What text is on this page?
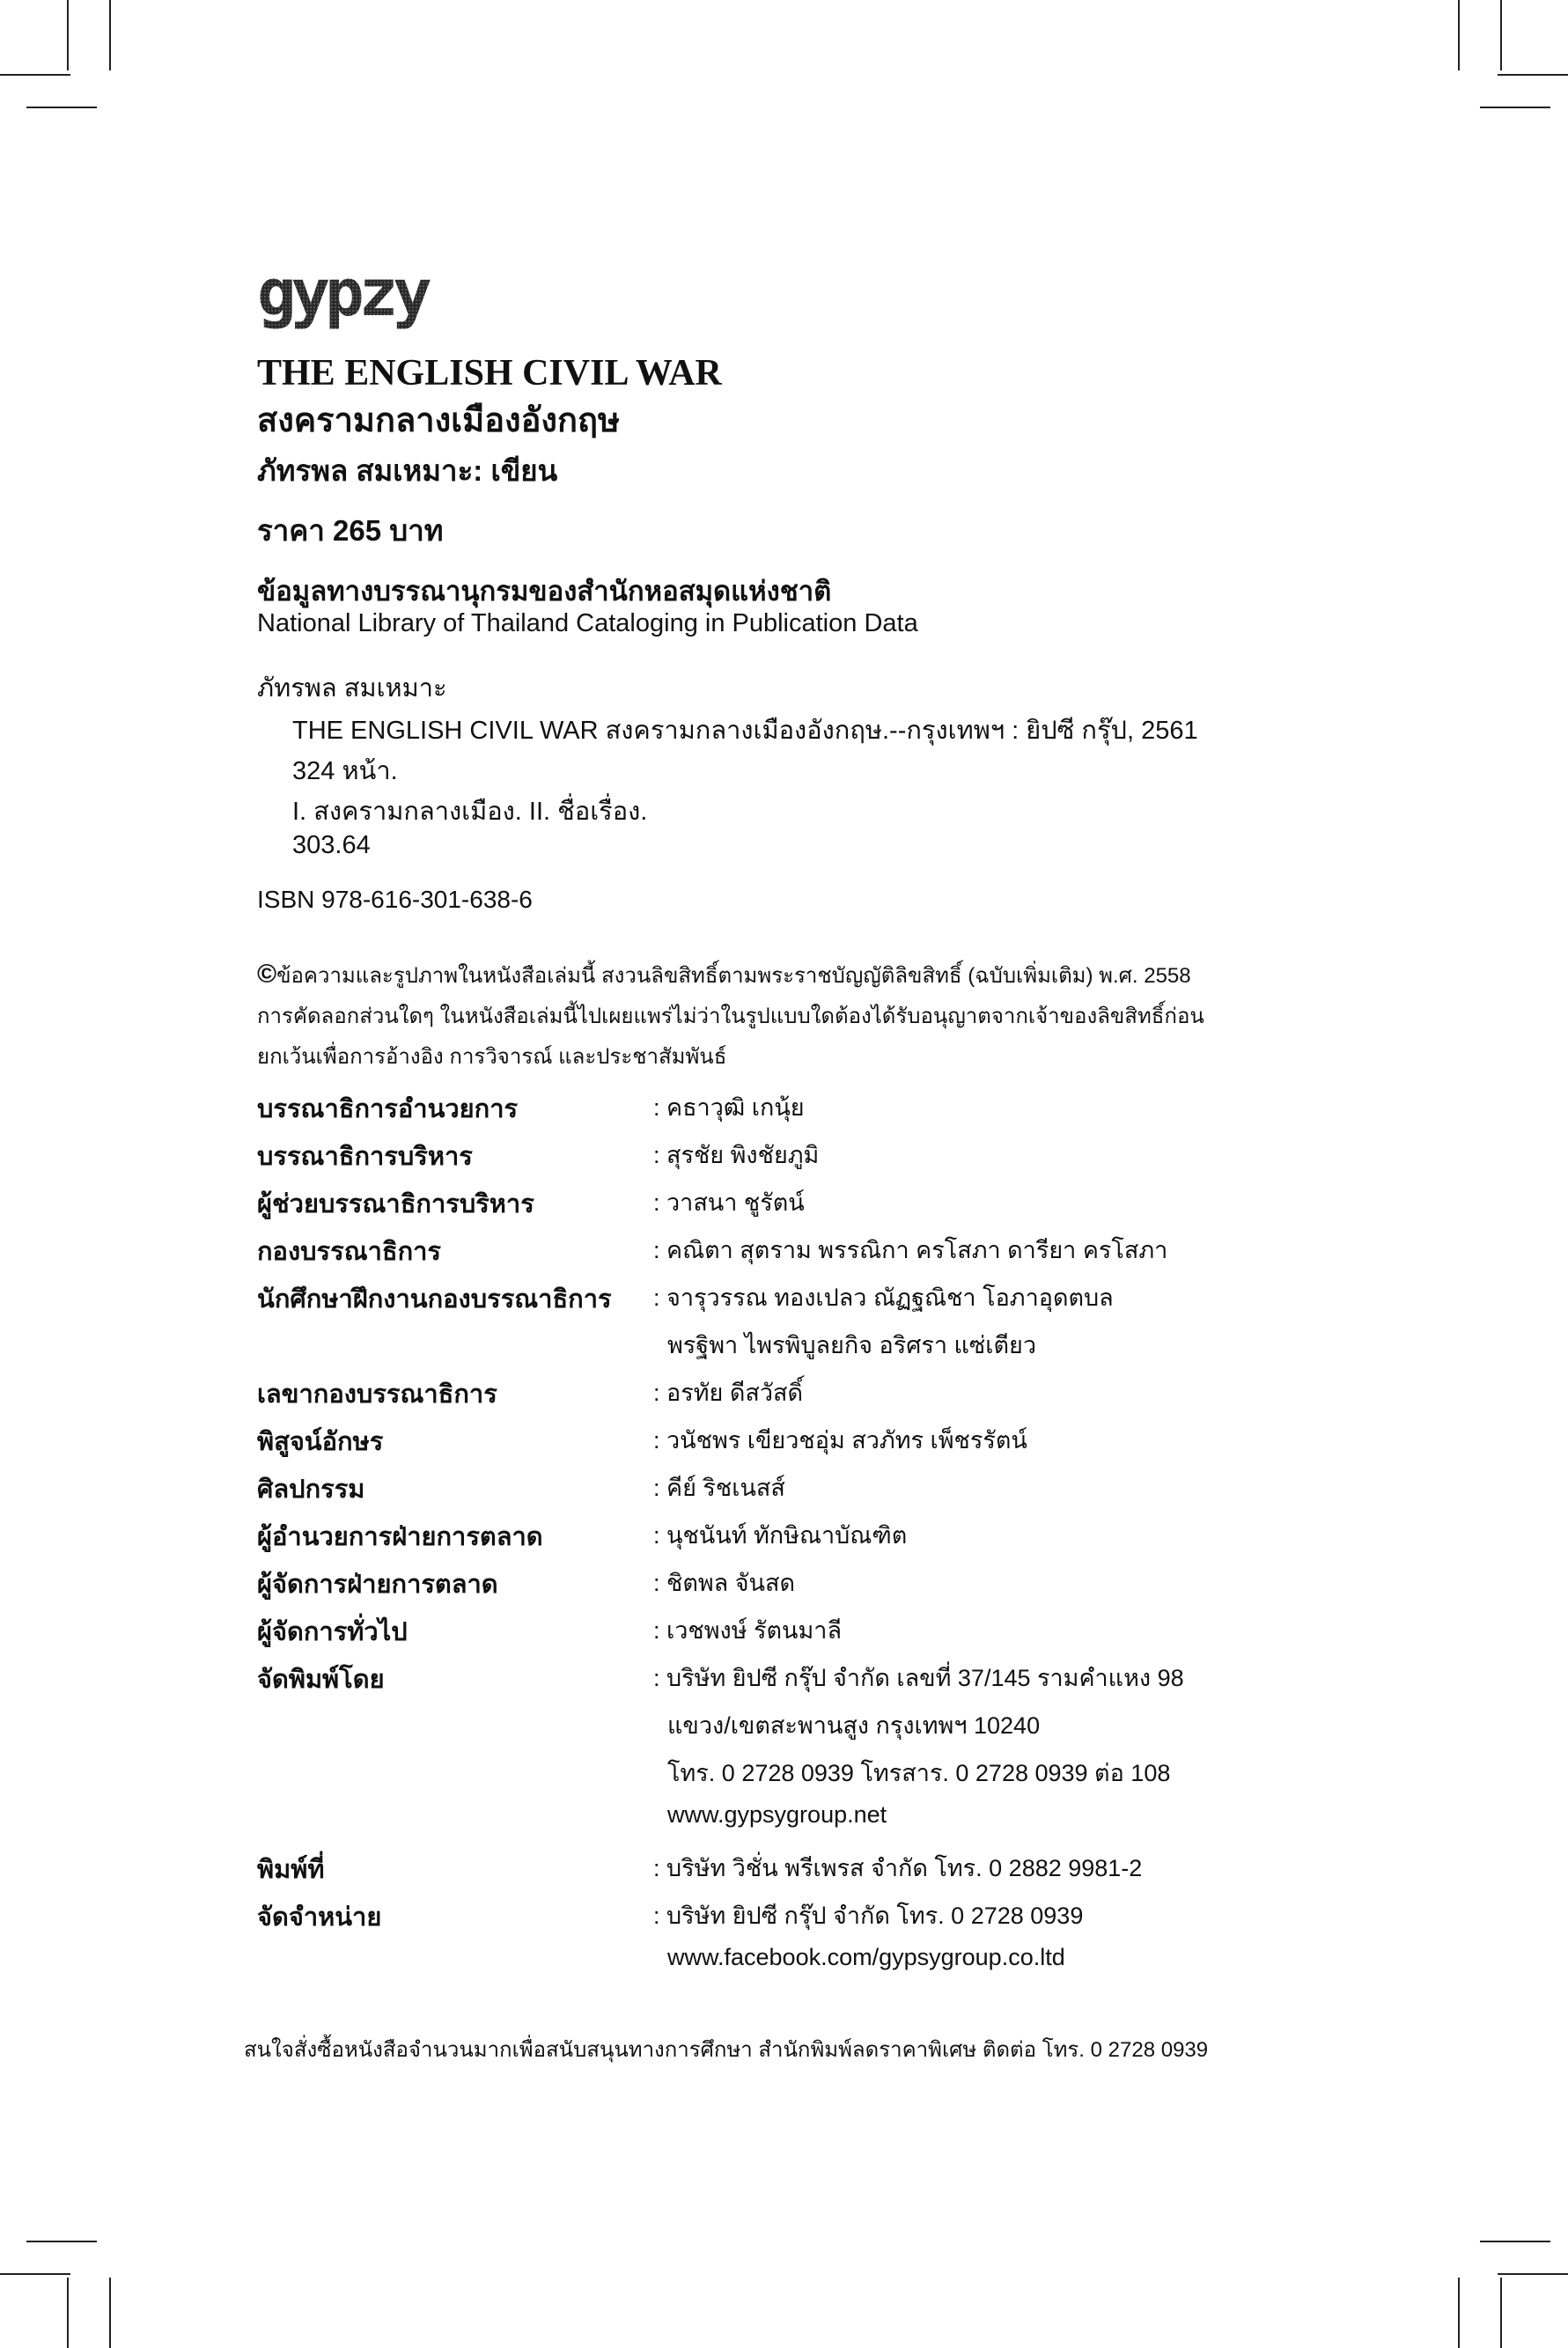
gypzy
THE ENGLISH CIVIL WAR
สงครามกลางเมืองอังกฤษ
ภัทรพล สมเหมาะ: เขียน
ราคา 265 บาท
ข้อมูลทางบรรณานุกรมของสำนักหอสมุดแห่งชาติ
National Library of Thailand Cataloging in Publication Data
ภัทรพล สมเหมาะ
THE ENGLISH CIVIL WAR สงครามกลางเมืองอังกฤษ.--กรุงเทพฯ : ยิปซี กรุ๊ป, 2561
324 หน้า.
I. สงครามกลางเมือง. II. ชื่อเรื่อง.
303.64
ISBN 978-616-301-638-6
©ข้อความและรูปภาพในหนังสือเล่มนี้ สงวนลิขสิทธิ์ตามพระราชบัญญัติลิขสิทธิ์ (ฉบับเพิ่มเติม) พ.ศ. 2558
การคัดลอกส่วนใดๆ ในหนังสือเล่มนี้ไปเผยแพร่ไม่ว่าในรูปแบบใดต้องได้รับอนุญาตจากเจ้าของลิขสิทธิ์ก่อน
ยกเว้นเพื่อการอ้างอิง การวิจารณ์ และประชาสัมพันธ์
บรรณาธิการอำนวยการ	: คธาวุฒิ เกนุ้ย
บรรณาธิการบริหาร	: สุรชัย พิงชัยภูมิ
ผู้ช่วยบรรณาธิการบริหาร	: วาสนา ชูรัตน์
กองบรรณาธิการ	: คณิตา สุตราม พรรณิกา ครโสภา ดารียา ครโสภา
นักศึกษาฝึกงานกองบรรณาธิการ : จารุวรรณ ทองเปลว ณัฏฐณิชา โอภาอุดตบล
พรฐิพา ไพรพิบูลยกิจ อริศรา แซ่เตียว
เลขากองบรรณาธิการ	: อรทัย ดีสวัสดิ์
พิสูจน์อักษร	: วนัชพร เขียวชอุ่ม สวภัทร เพ็ชรรัตน์
ศิลปกรรม	: คีย์ ริชเนสส์
ผู้อำนวยการฝ่ายการตลาด	: นุชนันท์ ทักษิณาบัณฑิต
ผู้จัดการฝ่ายการตลาด	: ชิตพล จันสด
ผู้จัดการทั่วไป	: เวชพงษ์ รัตนมาลี
จัดพิมพ์โดย	: บริษัท ยิปซี กรุ๊ป จำกัด เลขที่ 37/145 รามคำแหง 98
แขวง/เขตสะพานสูง กรุงเทพฯ 10240
โทร. 0 2728 0939 โทรสาร. 0 2728 0939 ต่อ 108
www.gypsygroup.net
พิมพ์ที่	: บริษัท วิชั่น พรีเพรส จำกัด โทร. 0 2882 9981-2
จัดจำหน่าย	: บริษัท ยิปซี กรุ๊ป จำกัด โทร. 0 2728 0939
www.facebook.com/gypsygroup.co.ltd
สนใจสั่งซื้อหนังสือจำนวนมากเพื่อสนับสนุนทางการศึกษา สำนักพิมพ์ลดราคาพิเศษ ติดต่อ โทร. 0 2728 0939
